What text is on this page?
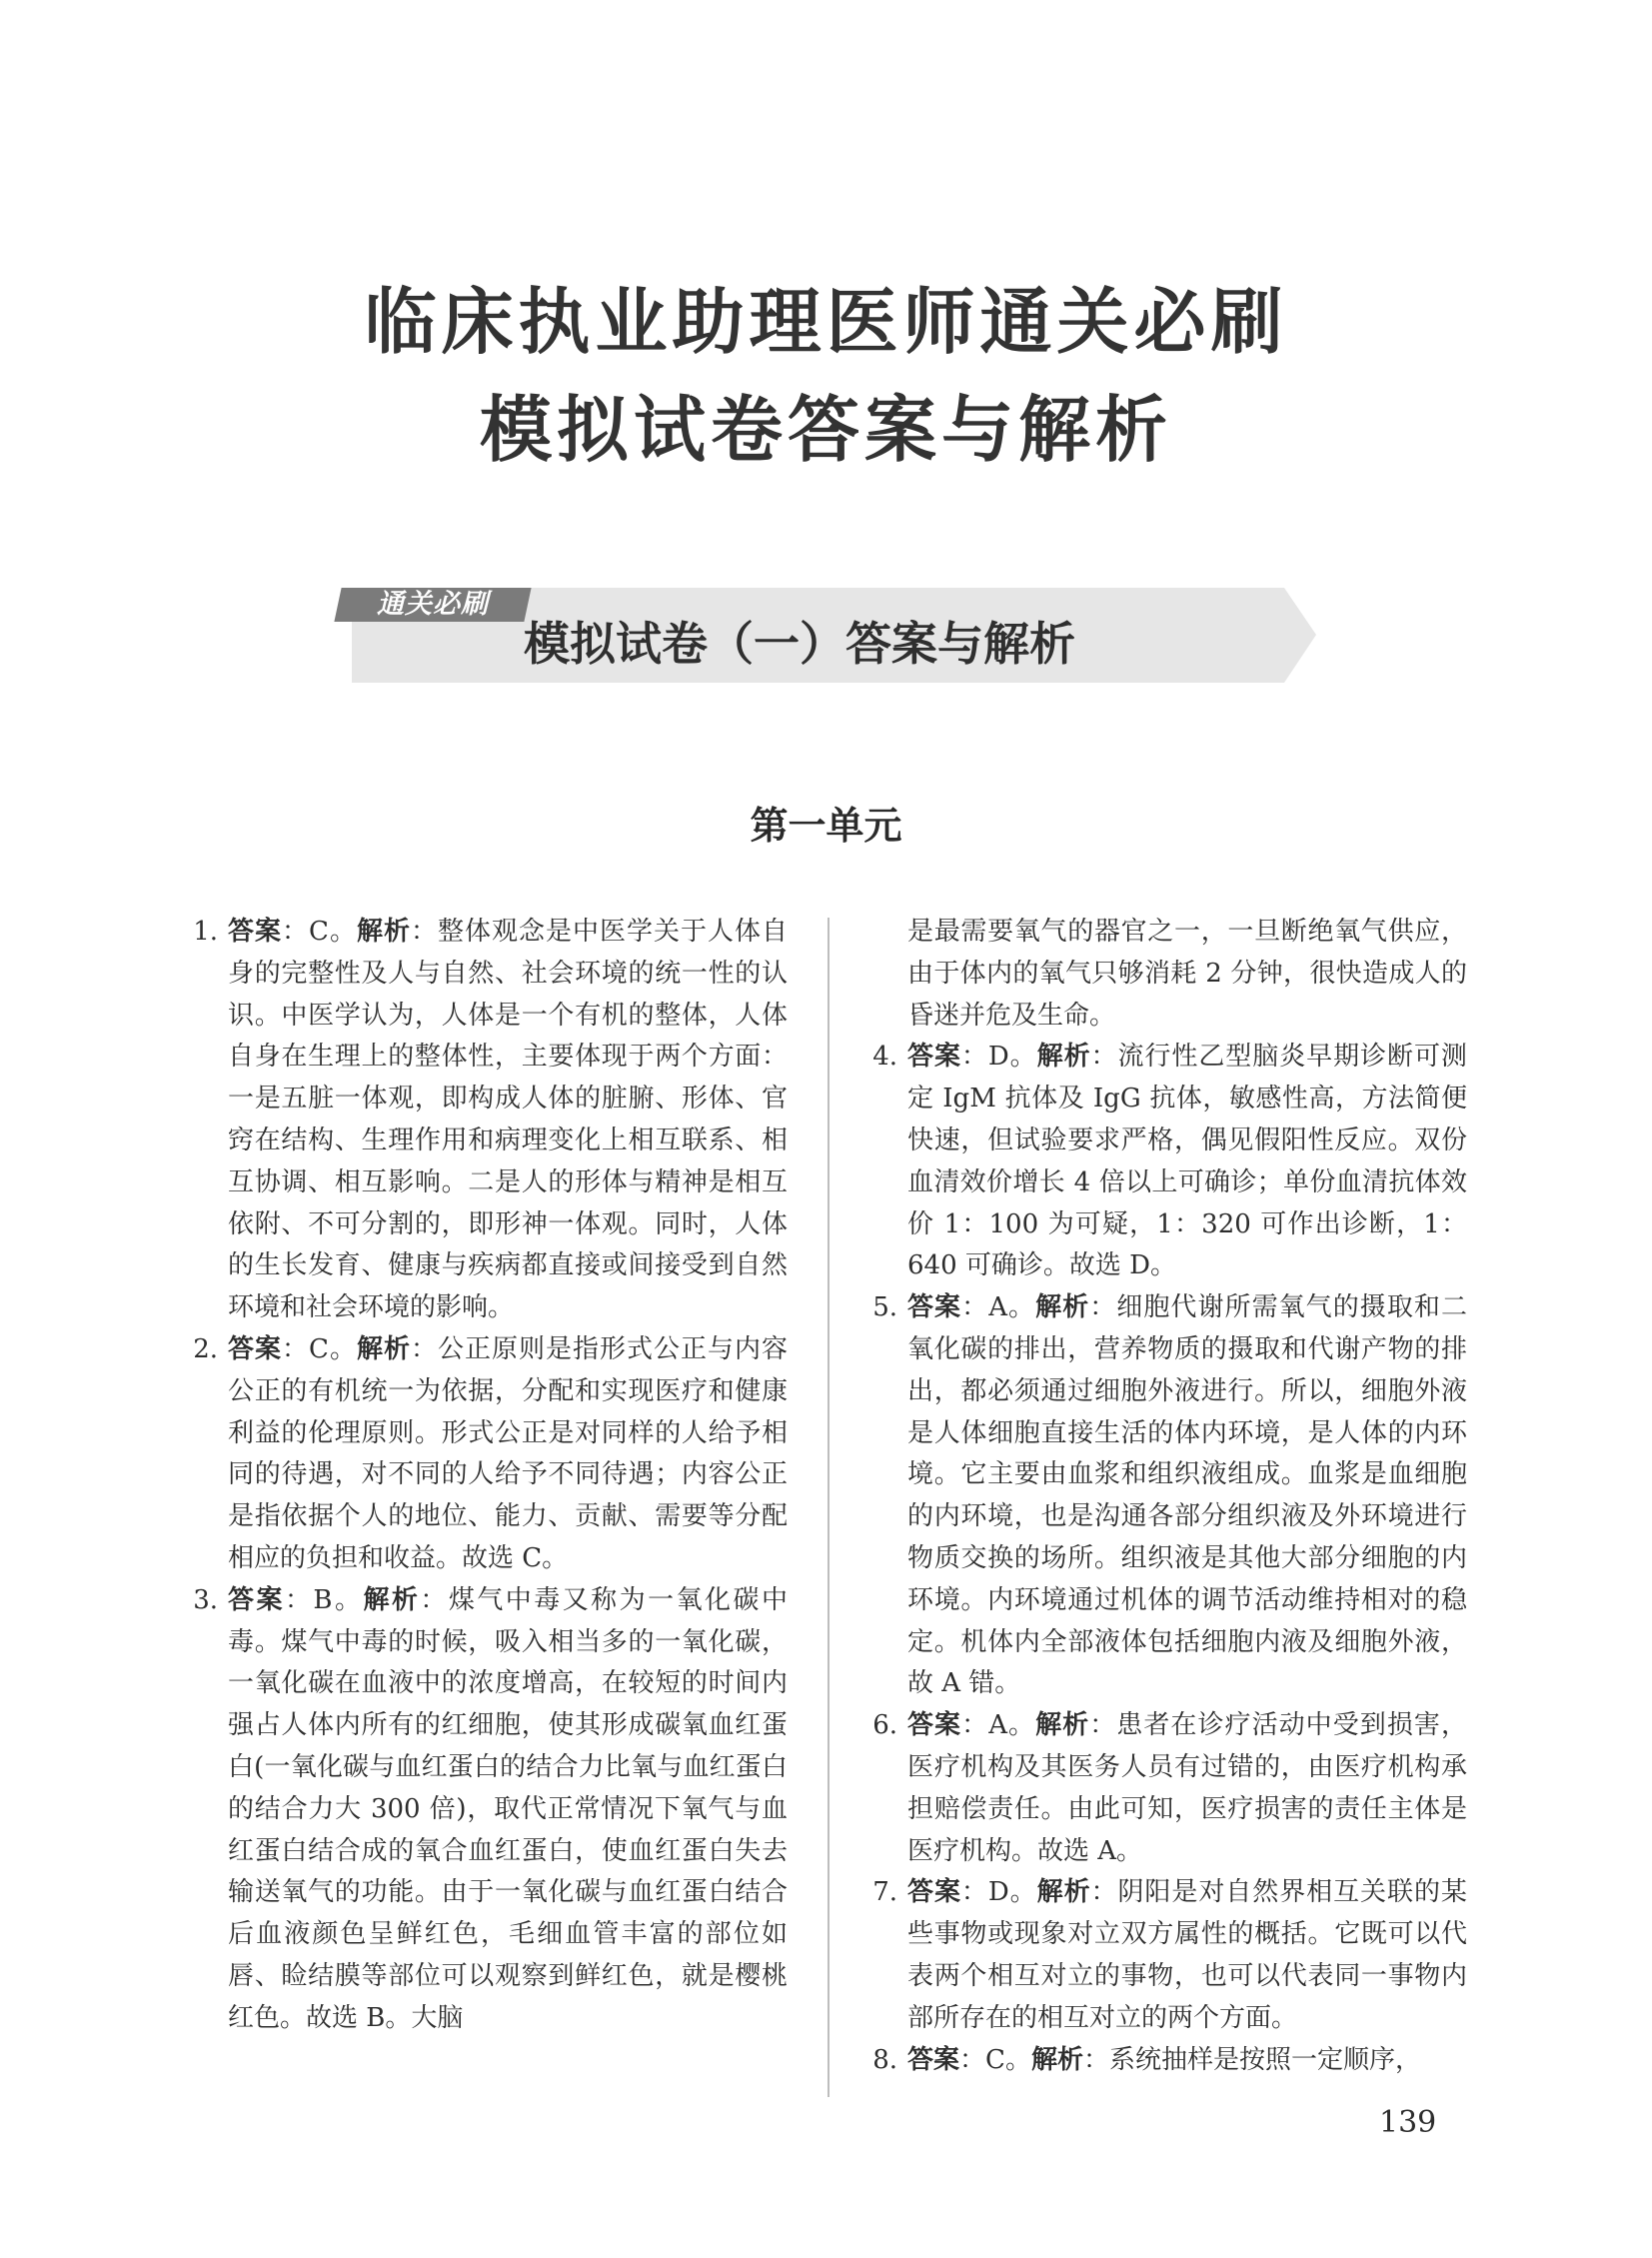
临床执业助理医师通关必刷
模拟试卷答案与解析
通关必刷
模拟试卷（一）答案与解析
第一单元
1. 答案：C。解析：整体观念是中医学关于人体自身的完整性及人与自然、社会环境的统一性的认识。中医学认为，人体是一个有机的整体，人体自身在生理上的整体性，主要体现于两个方面：一是五脏一体观，即构成人体的脏腑、形体、官窍在结构、生理作用和病理变化上相互联系、相互协调、相互影响。二是人的形体与精神是相互依附、不可分割的，即形神一体观。同时，人体的生长发育、健康与疾病都直接或间接受到自然环境和社会环境的影响。
2. 答案：C。解析：公正原则是指形式公正与内容公正的有机统一为依据，分配和实现医疗和健康利益的伦理原则。形式公正是对同样的人给予相同的待遇，对不同的人给予不同待遇；内容公正是指依据个人的地位、能力、贡献、需要等分配相应的负担和收益。故选 C。
3. 答案：B。解析：煤气中毒又称为一氧化碳中毒。煤气中毒的时候，吸入相当多的一氧化碳，一氧化碳在血液中的浓度增高，在较短的时间内强占人体内所有的红细胞，使其形成碳氧血红蛋白(一氧化碳与血红蛋白的结合力比氧与血红蛋白的结合力大 300 倍)，取代正常情况下氧气与血红蛋白结合成的氧合血红蛋白，使血红蛋白失去输送氧气的功能。由于一氧化碳与血红蛋白结合后血液颜色呈鲜红色，毛细血管丰富的部位如唇、睑结膜等部位可以观察到鲜红色，就是樱桃红色。故选 B。大脑
是最需要氧气的器官之一，一旦断绝氧气供应，由于体内的氧气只够消耗 2 分钟，很快造成人的昏迷并危及生命。
4. 答案：D。解析：流行性乙型脑炎早期诊断可测定 IgM 抗体及 IgG 抗体，敏感性高，方法简便快速，但试验要求严格，偶见假阳性反应。双份血清效价增长 4 倍以上可确诊；单份血清抗体效价 1：100 为可疑，1：320 可作出诊断，1：640 可确诊。故选 D。
5. 答案：A。解析：细胞代谢所需氧气的摄取和二氧化碳的排出，营养物质的摄取和代谢产物的排出，都必须通过细胞外液进行。所以，细胞外液是人体细胞直接生活的体内环境，是人体的内环境。它主要由血浆和组织液组成。血浆是血细胞的内环境，也是沟通各部分组织液及外环境进行物质交换的场所。组织液是其他大部分细胞的内环境。内环境通过机体的调节活动维持相对的稳定。机体内全部液体包括细胞内液及细胞外液，故 A 错。
6. 答案：A。解析：患者在诊疗活动中受到损害，医疗机构及其医务人员有过错的，由医疗机构承担赔偿责任。由此可知，医疗损害的责任主体是医疗机构。故选 A。
7. 答案：D。解析：阴阳是对自然界相互关联的某些事物或现象对立双方属性的概括。它既可以代表两个相互对立的事物，也可以代表同一事物内部所存在的相互对立的两个方面。
8. 答案：C。解析：系统抽样是按照一定顺序，
139
